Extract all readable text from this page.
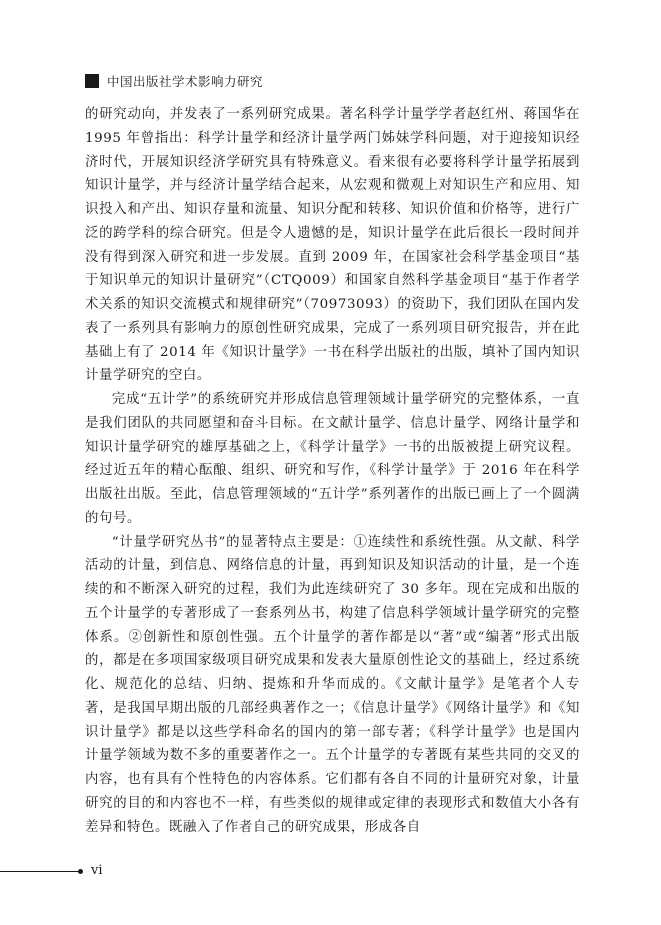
中国出版社学术影响力研究

的研究动向，并发表了一系列研究成果。著名科学计量学学者赵红州、蒋国华在 1995 年曾指出：科学计量学和经济计量学两门姊妹学科问题，对于迎接知识经济时代，开展知识经济学研究具有特殊意义。看来很有必要将科学计量学拓展到知识计量学，并与经济计量学结合起来，从宏观和微观上对知识生产和应用、知识投入和产出、知识存量和流量、知识分配和转移、知识价值和价格等，进行广泛的跨学科的综合研究。但是令人遗憾的是，知识计量学在此后很长一段时间并没有得到深入研究和进一步发展。直到 2009 年，在国家社会科学基金项目“基于知识单元的知识计量研究”（CTQ009）和国家自然科学基金项目“基于作者学术关系的知识交流模式和规律研究”（70973093）的资助下，我们团队在国内发表了一系列具有影响力的原创性研究成果，完成了一系列项目研究报告，并在此基础上有了 2014 年《知识计量学》一书在科学出版社的出版，填补了国内知识计量学研究的空白。

完成“五计学”的系统研究并形成信息管理领域计量学研究的完整体系，一直是我们团队的共同愿望和奋斗目标。在文献计量学、信息计量学、网络计量学和知识计量学研究的雄厚基础之上，《科学计量学》一书的出版被提上研究议程。经过近五年的精心酝酿、组织、研究和写作，《科学计量学》于 2016 年在科学出版社出版。至此，信息管理领域的“五计学”系列著作的出版已画上了一个圆满的句号。

“计量学研究丛书”的显著特点主要是：①连续性和系统性强。从文献、科学活动的计量，到信息、网络信息的计量，再到知识及知识活动的计量，是一个连续的和不断深入研究的过程，我们为此连续研究了 30 多年。现在完成和出版的五个计量学的专著形成了一套系列丛书，构建了信息科学领域计量学研究的完整体系。②创新性和原创性强。五个计量学的著作都是以“著”或“编著”形式出版的，都是在多项国家级项目研究成果和发表大量原创性论文的基础上，经过系统化、规范化的总结、归纳、提炼和升华而成的。《文献计量学》是笔者个人专著，是我国早期出版的几部经典著作之一；《信息计量学》《网络计量学》和《知识计量学》都是以这些学科命名的国内的第一部专著；《科学计量学》也是国内计量学领域为数不多的重要著作之一。五个计量学的专著既有某些共同的交叉的内容，也有具有个性特色的内容体系。它们都有各自不同的计量研究对象，计量研究的目的和内容也不一样，有些类似的规律或定律的表现形式和数值大小各有差异和特色。既融入了作者自己的研究成果，形成各自

vi
